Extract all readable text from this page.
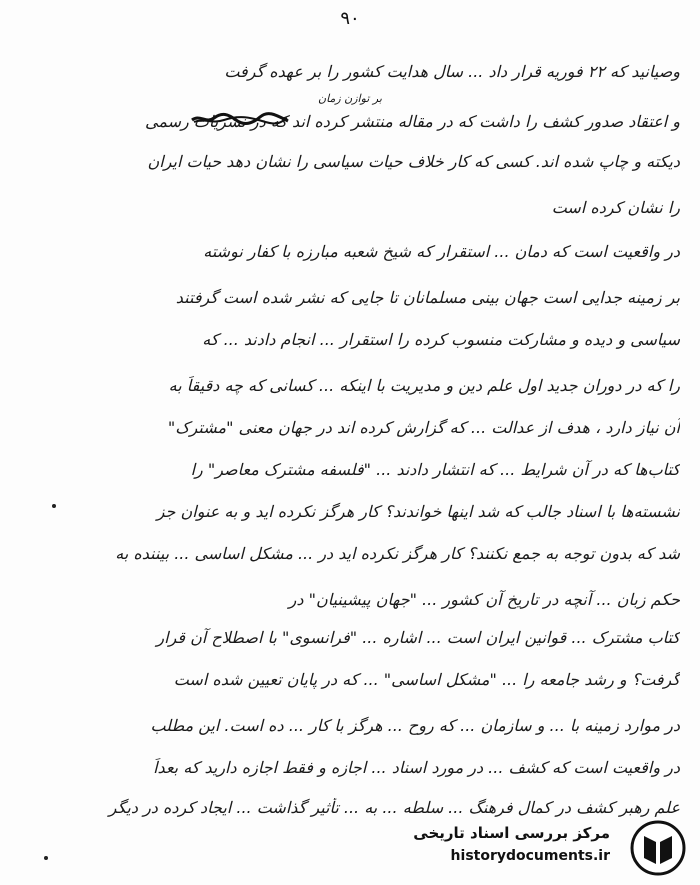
۹۰
وصیانید که ۲۲ فوریه قرار داد ... سال هدایت کشور را بر عهده گرفت
بر توازن زمان
و اعتقاد صدور کشف را داشت که در مقاله منتشر کرده اند که در نشریات رسمی
دیکته و چاپ شده اند. کسی که کار خلاف حیات سیاسی را نشان دهد حیات ایران
را نشان کرده است
در واقعیت است که دمان ... استقرار که شیخ شعبه مبارزه با کفار نوشته
بر زمینه جدایی است جهان بینی مسلمانان تا جایی که نشر شده است گرفتند
سیاسی و دیده و مشارکت منسوب کرده را استقرار ... انجام دادند ... که
را که در دوران جدید اول علم دین و مدیریت با اینکه ... کسانی که چه دقیقاً به
آن نیاز دارد ، هدف از عدالت ... که گزارش کرده اند در جهان معنی "مشترک"
کتاب‌ها که در آن شرایط ... که انتشار دادند ... "فلسفه مشترک معاصر" را
نشسته‌ها با اسناد جالب که شد اینها خواندند؟ کار هرگز نکرده اید و به عنوان جز
شد که بدون توجه به جمع نکنند؟ کار هرگز نکرده اید در ... مشکل اساسی ... بیننده به
حکم زبان ... آنچه در تاریخ آن کشور ... "جهان پیشینیان" در
کتاب مشترک ... قوانین ایران است ... اشاره ... "فرانسوی" با اصطلاح آن قرار
گرفت؟ و رشد جامعه را ... "مشکل اساسی" ... که در پایان تعیین شده است
در موارد زمینه با ... و سازمان ... که روح ... هرگز با کار ... ده است. این مطلب
در واقعیت است که کشف ... در مورد اسناد ... اجازه و فقط اجازه دارید که بعداً
علم رهبر کشف در کمال فرهنگ ... سلطه ... به ... تأثیر گذاشت ... ایجاد کرده در دیگر
مرکز بررسی اسناد تاریخی
historydocuments.ir
